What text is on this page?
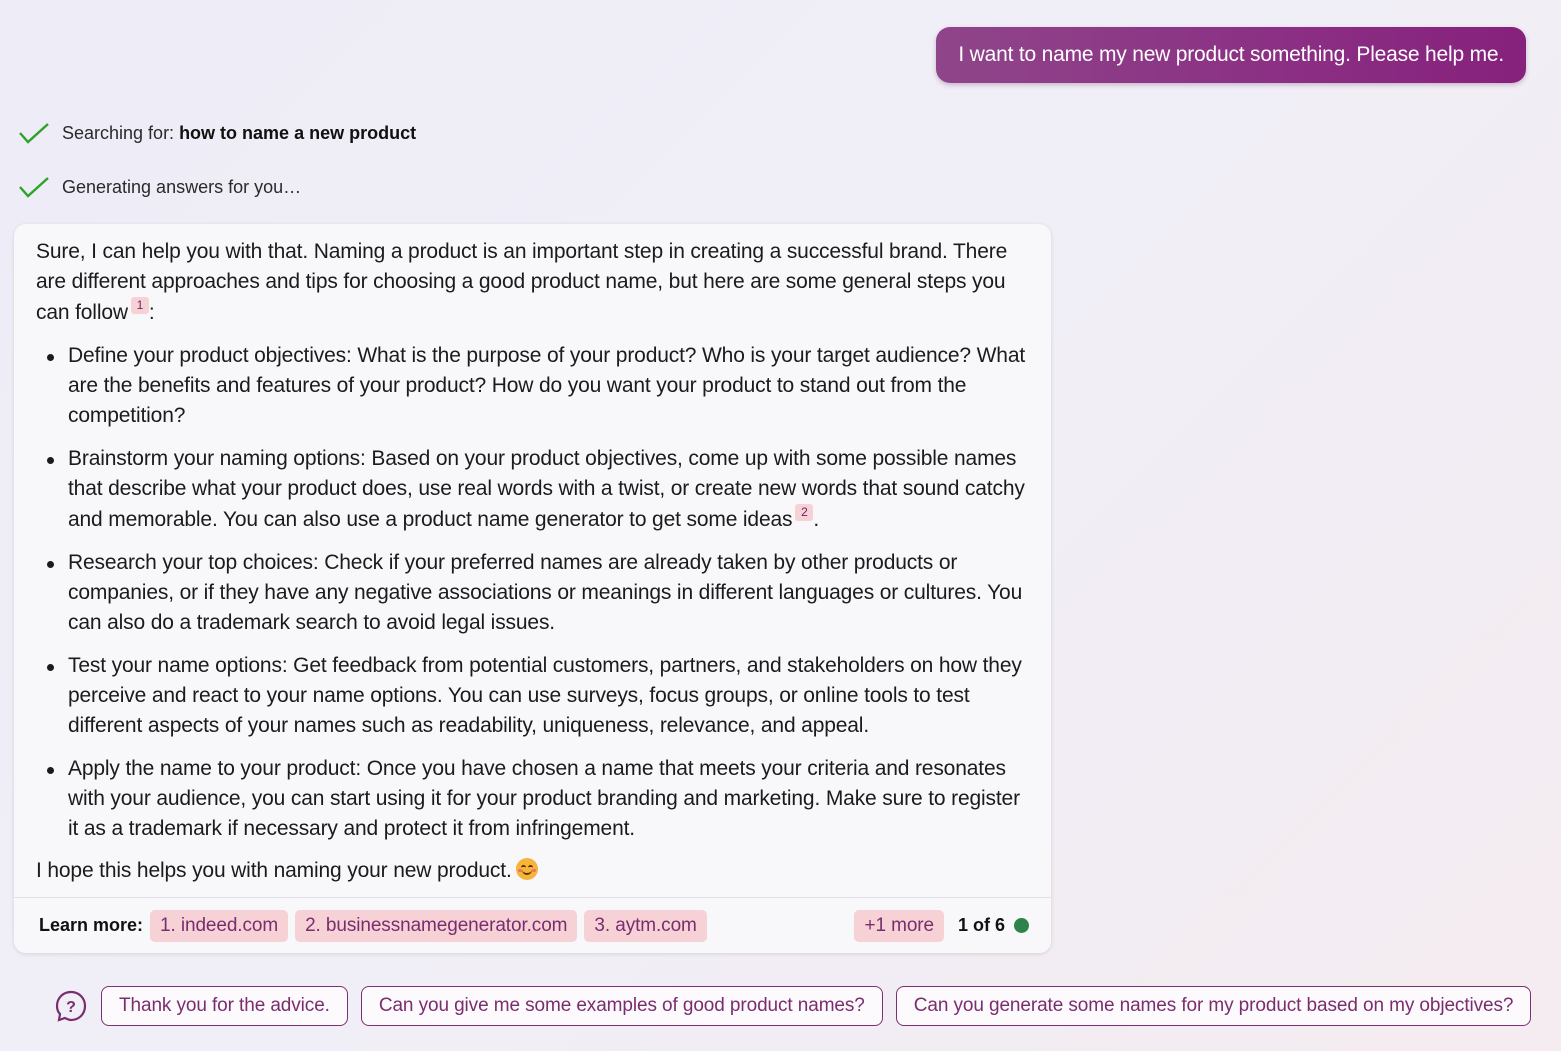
I want to name my new product something. Please help me.
Searching for: how to name a new product
Generating answers for you…

Sure, I can help you with that. Naming a product is an important step in creating a successful brand. There are different approaches and tips for choosing a good product name, but here are some general steps you can follow 1 :

Define your product objectives: What is the purpose of your product? Who is your target audience? What are the benefits and features of your product? How do you want your product to stand out from the competition?
Brainstorm your naming options: Based on your product objectives, come up with some possible names that describe what your product does, use real words with a twist, or create new words that sound catchy and memorable. You can also use a product name generator to get some ideas 2 .
Research your top choices: Check if your preferred names are already taken by other products or companies, or if they have any negative associations or meanings in different languages or cultures. You can also do a trademark search to avoid legal issues.
Test your name options: Get feedback from potential customers, partners, and stakeholders on how they perceive and react to your name options. You can use surveys, focus groups, or online tools to test different aspects of your names such as readability, uniqueness, relevance, and appeal.
Apply the name to your product: Once you have chosen a name that meets your criteria and resonates with your audience, you can start using it for your product branding and marketing. Make sure to register it as a trademark if necessary and protect it from infringement.

I hope this helps you with naming your new product.

Learn more: 1. indeed.com	2. businessnamegenerator.com	3. aytm.com	+1 more	1 of 6
?	Thank you for the advice.	Can you give me some examples of good product names?	Can you generate some names for my product based on my objectives?
